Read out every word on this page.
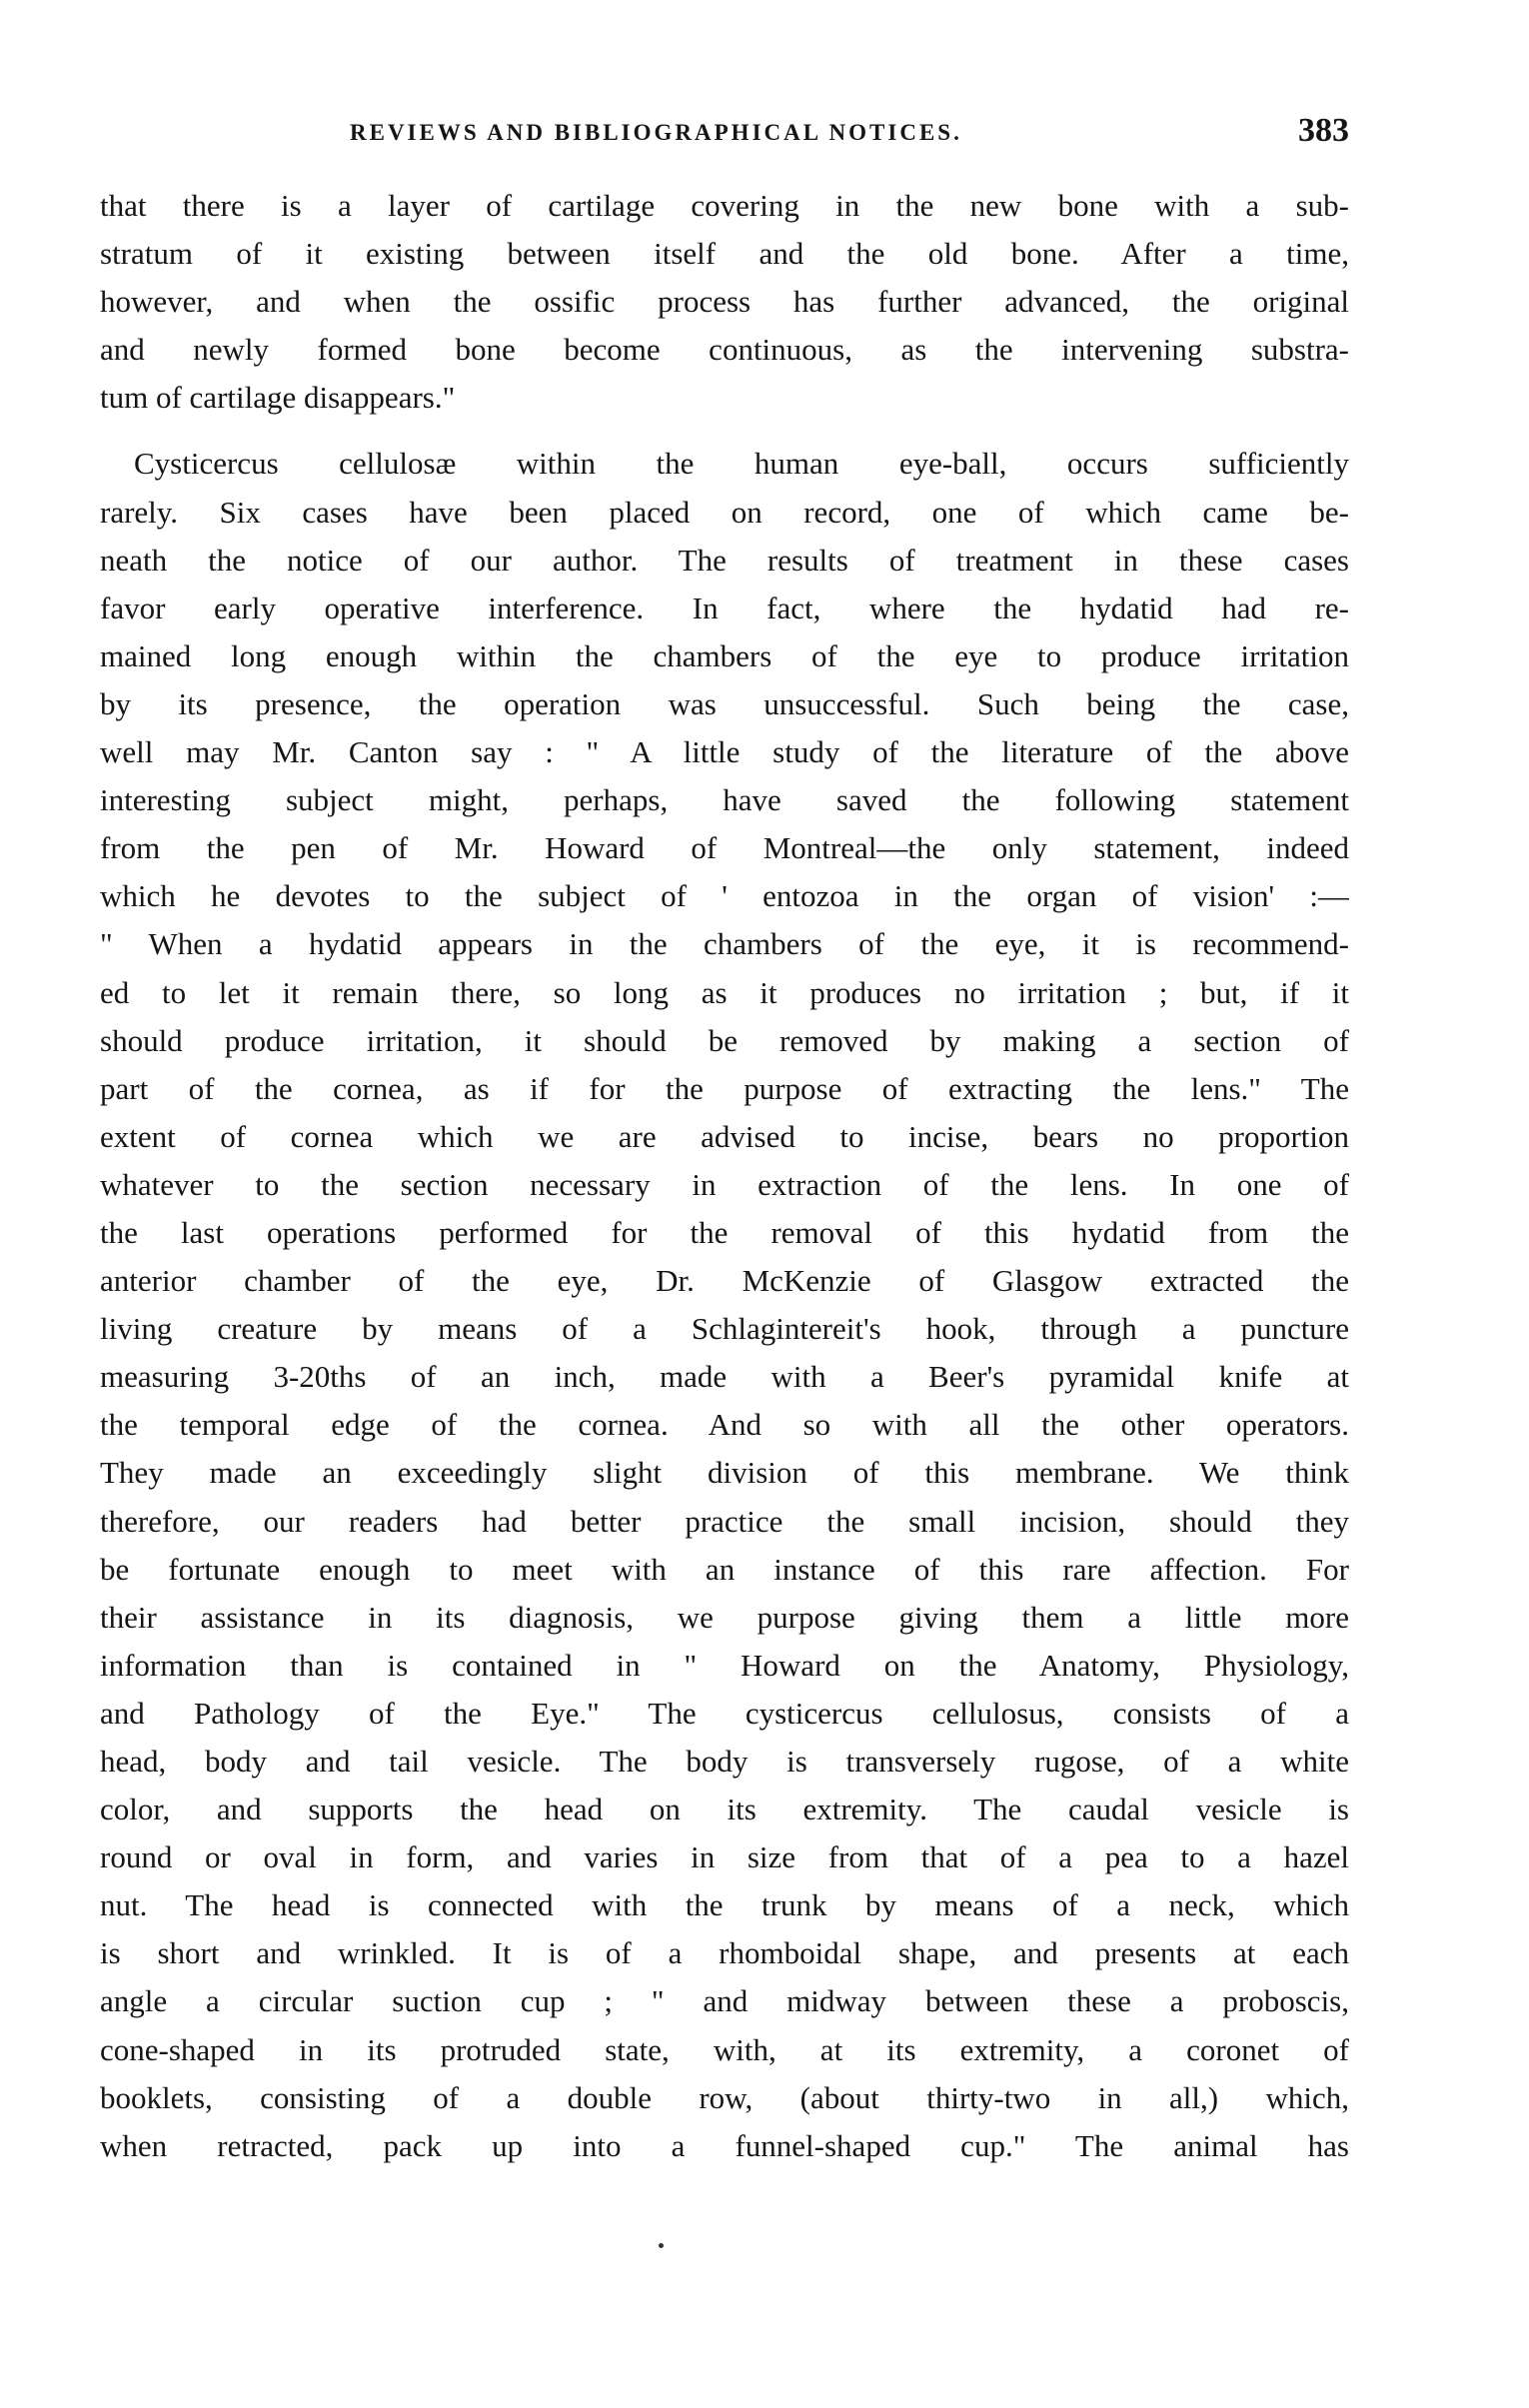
REVIEWS AND BIBLIOGRAPHICAL NOTICES.	383
that there is a layer of cartilage covering in the new bone with a sub-
stratum of it existing between itself and the old bone. After a time,
however, and when the ossific process has further advanced, the original
and newly formed bone become continuous, as the intervening substra-
tum of cartilage disappears."
Cysticercus cellulosæ within the human eye-ball, occurs sufficiently
rarely. Six cases have been placed on record, one of which came be-
neath the notice of our author. The results of treatment in these cases
favor early operative interference. In fact, where the hydatid had re-
mained long enough within the chambers of the eye to produce irritation
by its presence, the operation was unsuccessful. Such being the case,
well may Mr. Canton say : " A little study of the literature of the above
interesting subject might, perhaps, have saved the following statement
from the pen of Mr. Howard of Montreal—the only statement, indeed
which he devotes to the subject of ' entozoa in the organ of vision' :—
" When a hydatid appears in the chambers of the eye, it is recommend-
ed to let it remain there, so long as it produces no irritation ; but, if it
should produce irritation, it should be removed by making a section of
part of the cornea, as if for the purpose of extracting the lens." The
extent of cornea which we are advised to incise, bears no proportion
whatever to the section necessary in extraction of the lens. In one of
the last operations performed for the removal of this hydatid from the
anterior chamber of the eye, Dr. McKenzie of Glasgow extracted the
living creature by means of a Schlagintereit's hook, through a puncture
measuring 3-20ths of an inch, made with a Beer's pyramidal knife at
the temporal edge of the cornea. And so with all the other operators.
They made an exceedingly slight division of this membrane. We think
therefore, our readers had better practice the small incision, should they
be fortunate enough to meet with an instance of this rare affection. For
their assistance in its diagnosis, we purpose giving them a little more
information than is contained in " Howard on the Anatomy, Physiology,
and Pathology of the Eye." The cysticercus cellulosus, consists of a
head, body and tail vesicle. The body is transversely rugose, of a white
color, and supports the head on its extremity. The caudal vesicle is
round or oval in form, and varies in size from that of a pea to a hazel
nut. The head is connected with the trunk by means of a neck, which
is short and wrinkled. It is of a rhomboidal shape, and presents at each
angle a circular suction cup ; " and midway between these a proboscis,
cone-shaped in its protruded state, with, at its extremity, a coronet of
booklets, consisting of a double row, (about thirty-two in all,) which,
when retracted, pack up into a funnel-shaped cup." The animal has
